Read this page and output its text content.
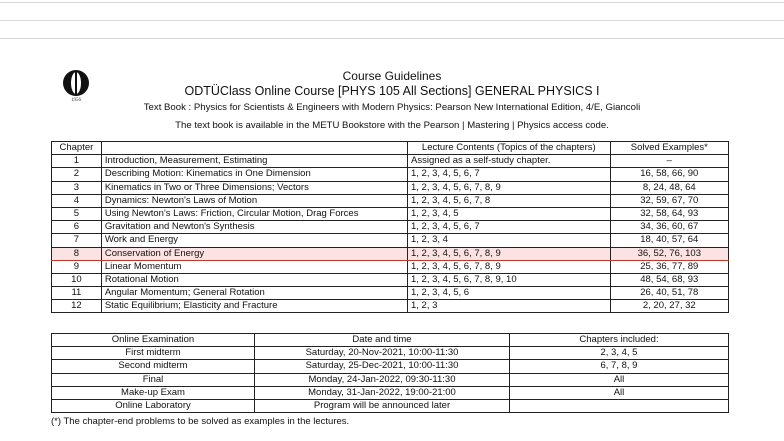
1956
Course Guidelines
ODTÜClass Online Course [PHYS 105 All Sections] GENERAL PHYSICS I
Text Book : Physics for Scientists & Engineers with Modern Physics: Pearson New International Edition, 4/E, Giancoli
The text book is available in the METU Bookstore with the Pearson | Mastering | Physics access code.
Chapter		Lecture Contents (Topics of the chapters)	Solved Examples*
1	Introduction, Measurement, Estimating	Assigned as a self-study chapter.	–
2	Describing Motion: Kinematics in One Dimension	1, 2, 3, 4, 5, 6, 7	16, 58, 66, 90
3	Kinematics in Two or Three Dimensions; Vectors	1, 2, 3, 4, 5, 6, 7, 8, 9	8, 24, 48, 64
4	Dynamics: Newton's Laws of Motion	1, 2, 3, 4, 5, 6, 7, 8	32, 59, 67, 70
5	Using Newton's Laws: Friction, Circular Motion, Drag Forces	1, 2, 3, 4, 5	32, 58, 64, 93
6	Gravitation and Newton's Synthesis	1, 2, 3, 4, 5, 6, 7	34, 36, 60, 67
7	Work and Energy	1, 2, 3, 4	18, 40, 57, 64
8	Conservation of Energy	1, 2, 3, 4, 5, 6, 7, 8, 9	36, 52, 76, 103
9	Linear Momentum	1, 2, 3, 4, 5, 6, 7, 8, 9	25, 36, 77, 89
10	Rotational Motion	1, 2, 3, 4, 5, 6, 7, 8, 9, 10	48, 54, 68, 93
11	Angular Momentum; General Rotation	1, 2, 3, 4, 5, 6	26, 40, 51, 78
12	Static Equilibrium; Elasticity and Fracture	1, 2, 3	2, 20, 27, 32
Online Examination	Date and time	Chapters included:
First midterm	Saturday, 20-Nov-2021, 10:00-11:30	2, 3, 4, 5
Second midterm	Saturday, 25-Dec-2021, 10:00-11:30	6, 7, 8, 9
Final	Monday, 24-Jan-2022, 09:30-11:30	All
Make-up Exam	Monday, 31-Jan-2022, 19:00-21:00	All
Online Laboratory	Program will be announced later	
(*) The chapter-end problems to be solved as examples in the lectures.
